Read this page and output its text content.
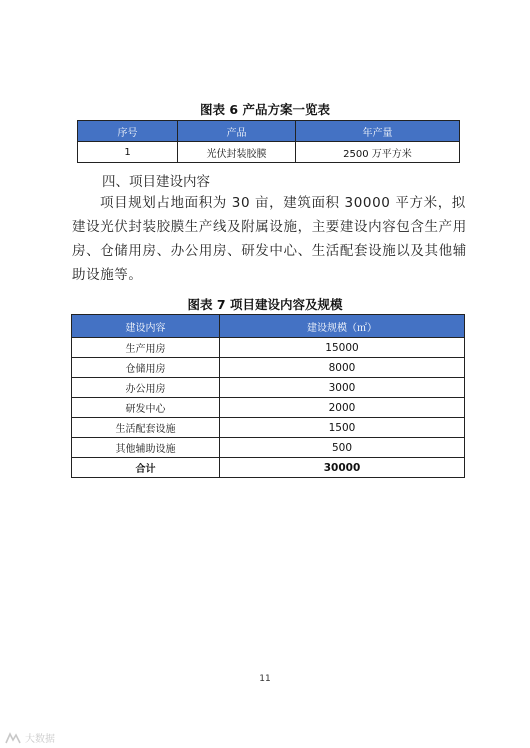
图表 6 产品方案一览表
序号	产品	年产量
1	光伏封装胶膜	2500 万平方米
四、项目建设内容
项目规划占地面积为 30 亩，建筑面积 30000 平方米，拟建设光伏封装胶膜生产线及附属设施，主要建设内容包含生产用房、仓储用房、办公用房、研发中心、生活配套设施以及其他辅助设施等。
图表 7 项目建设内容及规模
建设内容	建设规模（㎡）
生产用房	15000
仓储用房	8000
办公用房	3000
研发中心	2000
生活配套设施	1500
其他辅助设施	500
合计	30000
11
大数据
